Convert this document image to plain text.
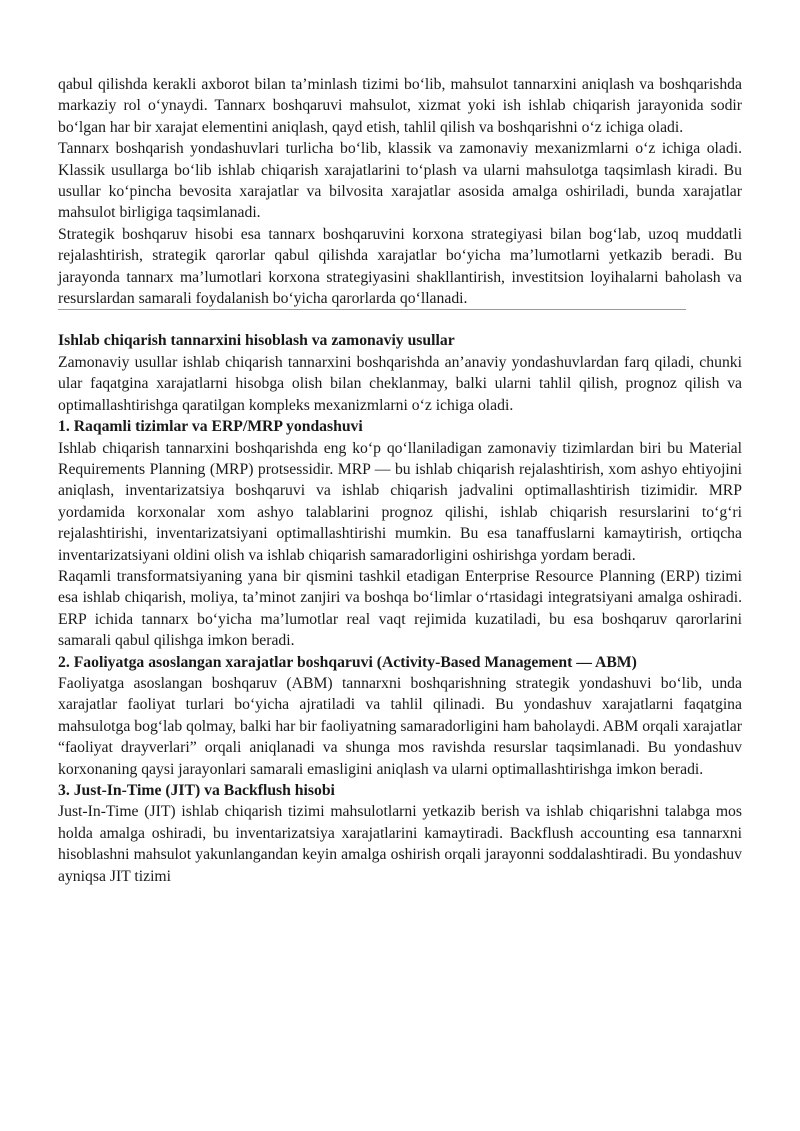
qabul qilishda kerakli axborot bilan ta’minlash tizimi bo‘lib, mahsulot tannarxini aniqlash va boshqarishda markaziy rol o‘ynaydi. Tannarx boshqaruvi mahsulot, xizmat yoki ish ishlab chiqarish jarayonida sodir bo‘lgan har bir xarajat elementini aniqlash, qayd etish, tahlil qilish va boshqarishni o‘z ichiga oladi.

Tannarx boshqarish yondashuvlari turlicha bo‘lib, klassik va zamonaviy mexanizmlarni o‘z ichiga oladi. Klassik usullarga bo‘lib ishlab chiqarish xarajatlarini to‘plash va ularni mahsulotga taqsimlash kiradi. Bu usullar ko‘pincha bevosita xarajatlar va bilvosita xarajatlar asosida amalga oshiriladi, bunda xarajatlar mahsulot birligiga taqsimlanadi.

Strategik boshqaruv hisobi esa tannarx boshqaruvini korxona strategiyasi bilan bog‘lab, uzoq muddatli rejalashtirish, strategik qarorlar qabul qilishda xarajatlar bo‘yicha ma’lumotlarni yetkazib beradi. Bu jarayonda tannarx ma’lumotlari korxona strategiyasini shakllantirish, investitsion loyihalarni baholash va resurslardan samarali foydalanish bo‘yicha qarorlarda qo‘llanadi.

Ishlab chiqarish tannarxini hisoblash va zamonaviy usullar

Zamonaviy usullar ishlab chiqarish tannarxini boshqarishda an’anaviy yondashuvlardan farq qiladi, chunki ular faqatgina xarajatlarni hisobga olish bilan cheklanmay, balki ularni tahlil qilish, prognoz qilish va optimallashtirishga qaratilgan kompleks mexanizmlarni o‘z ichiga oladi.

1. Raqamli tizimlar va ERP/MRP yondashuvi

Ishlab chiqarish tannarxini boshqarishda eng ko‘p qo‘llaniladigan zamonaviy tizimlardan biri bu Material Requirements Planning (MRP) protsessidir. MRP — bu ishlab chiqarish rejalashtirish, xom ashyo ehtiyojini aniqlash, inventarizatsiya boshqaruvi va ishlab chiqarish jadvalini optimallashtirish tizimidir. MRP yordamida korxonalar xom ashyo talablarini prognoz qilishi, ishlab chiqarish resurslarini to‘g‘ri rejalashtirishi, inventarizatsiyani optimallashtirishi mumkin. Bu esa tanaffuslarni kamaytirish, ortiqcha inventarizatsiyani oldini olish va ishlab chiqarish samaradorligini oshirishga yordam beradi.

Raqamli transformatsiyaning yana bir qismini tashkil etadigan Enterprise Resource Planning (ERP) tizimi esa ishlab chiqarish, moliya, ta’minot zanjiri va boshqa bo‘limlar o‘rtasidagi integratsiyani amalga oshiradi. ERP ichida tannarx bo‘yicha ma’lumotlar real vaqt rejimida kuzatiladi, bu esa boshqaruv qarorlarini samarali qabul qilishga imkon beradi.

2. Faoliyatga asoslangan xarajatlar boshqaruvi (Activity-Based Management — ABM)

Faoliyatga asoslangan boshqaruv (ABM) tannarxni boshqarishning strategik yondashuvi bo‘lib, unda xarajatlar faoliyat turlari bo‘yicha ajratiladi va tahlil qilinadi. Bu yondashuv xarajatlarni faqatgina mahsulotga bog‘lab qolmay, balki har bir faoliyatning samaradorligini ham baholaydi. ABM orqali xarajatlar “faoliyat drayverlari” orqali aniqlanadi va shunga mos ravishda resurslar taqsimlanadi. Bu yondashuv korxonaning qaysi jarayonlari samarali emasligini aniqlash va ularni optimallashtirishga imkon beradi.

3. Just-In-Time (JIT) va Backflush hisobi

Just-In-Time (JIT) ishlab chiqarish tizimi mahsulotlarni yetkazib berish va ishlab chiqarishni talabga mos holda amalga oshiradi, bu inventarizatsiya xarajatlarini kamaytiradi. Backflush accounting esa tannarxni hisoblashni mahsulot yakunlangandan keyin amalga oshirish orqali jarayonni soddalashtiradi. Bu yondashuv ayniqsa JIT tizimi
